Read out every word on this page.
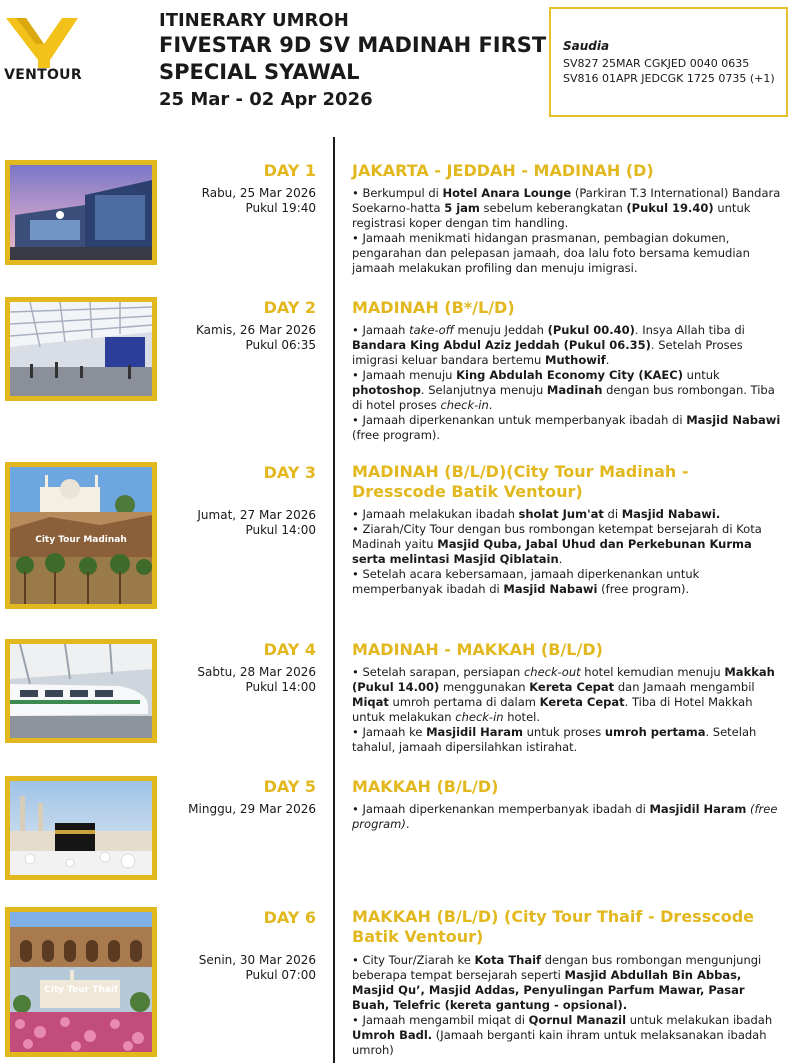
VENTOUR
ITINERARY UMROH
FIVESTAR 9D SV MADINAH FIRST
SPECIAL SYAWAL
25 Mar - 02 Apr 2026
Saudia
SV827 25MAR CGKJED 0040 0635
SV816 01APR JEDCGK 1725 0735 (+1)
DAY 1
Rabu, 25 Mar 2026
Pukul 19:40
JAKARTA - JEDDAH - MADINAH (D)

• Berkumpul di Hotel Anara Lounge (Parkiran T.3 International) Bandara Soekarno-hatta 5 jam sebelum keberangkatan (Pukul 19.40) untuk registrasi koper dengan tim handling.

• Jamaah menikmati hidangan prasmanan, pembagian dokumen, pengarahan dan pelepasan jamaah, doa lalu foto bersama kemudian jamaah melakukan profiling dan menuju imigrasi.

DAY 2
Kamis, 26 Mar 2026
Pukul 06:35
MADINAH (B*/L/D)

• Jamaah take-off menuju Jeddah (Pukul 00.40). Insya Allah tiba di Bandara King Abdul Aziz Jeddah (Pukul 06.35). Setelah Proses imigrasi keluar bandara bertemu Muthowif.

• Jamaah menuju King Abdulah Economy City (KAEC) untuk photoshop. Selanjutnya menuju Madinah dengan bus rombongan. Tiba di hotel proses check-in.

• Jamaah diperkenankan untuk memperbanyak ibadah di Masjid Nabawi (free program).

City Tour Madinah
DAY 3
Jumat, 27 Mar 2026
Pukul 14:00
MADINAH (B/L/D)(City Tour Madinah - Dresscode Batik Ventour)

• Jamaah melakukan ibadah sholat Jum'at di Masjid Nabawi.

• Ziarah/City Tour dengan bus rombongan ketempat bersejarah di Kota Madinah yaitu Masjid Quba, Jabal Uhud dan Perkebunan Kurma serta melintasi Masjid Qiblatain.

• Setelah acara kebersamaan, jamaah diperkenankan untuk memperbanyak ibadah di Masjid Nabawi (free program).

DAY 4
Sabtu, 28 Mar 2026
Pukul 14:00
MADINAH - MAKKAH (B/L/D)

• Setelah sarapan, persiapan check-out hotel kemudian menuju Makkah (Pukul 14.00) menggunakan Kereta Cepat dan Jamaah mengambil Miqat umroh pertama di dalam Kereta Cepat. Tiba di Hotel Makkah untuk melakukan check-in hotel.

• Jamaah ke Masjidil Haram untuk proses umroh pertama. Setelah tahalul, jamaah dipersilahkan istirahat.

DAY 5
Minggu, 29 Mar 2026
MAKKAH (B/L/D)

• Jamaah diperkenankan memperbanyak ibadah di Masjidil Haram (free program).

City Tour Thaif
DAY 6
Senin, 30 Mar 2026
Pukul 07:00
MAKKAH (B/L/D) (City Tour Thaif - Dresscode Batik Ventour)

• City Tour/Ziarah ke Kota Thaif dengan bus rombongan mengunjungi beberapa tempat bersejarah seperti Masjid Abdullah Bin Abbas, Masjid Qu’, Masjid Addas, Penyulingan Parfum Mawar, Pasar Buah, Telefric (kereta gantung - opsional).

• Jamaah mengambil miqat di Qornul Manazil untuk melakukan ibadah Umroh Badl. (Jamaah berganti kain ihram untuk melaksanakan ibadah umroh)
